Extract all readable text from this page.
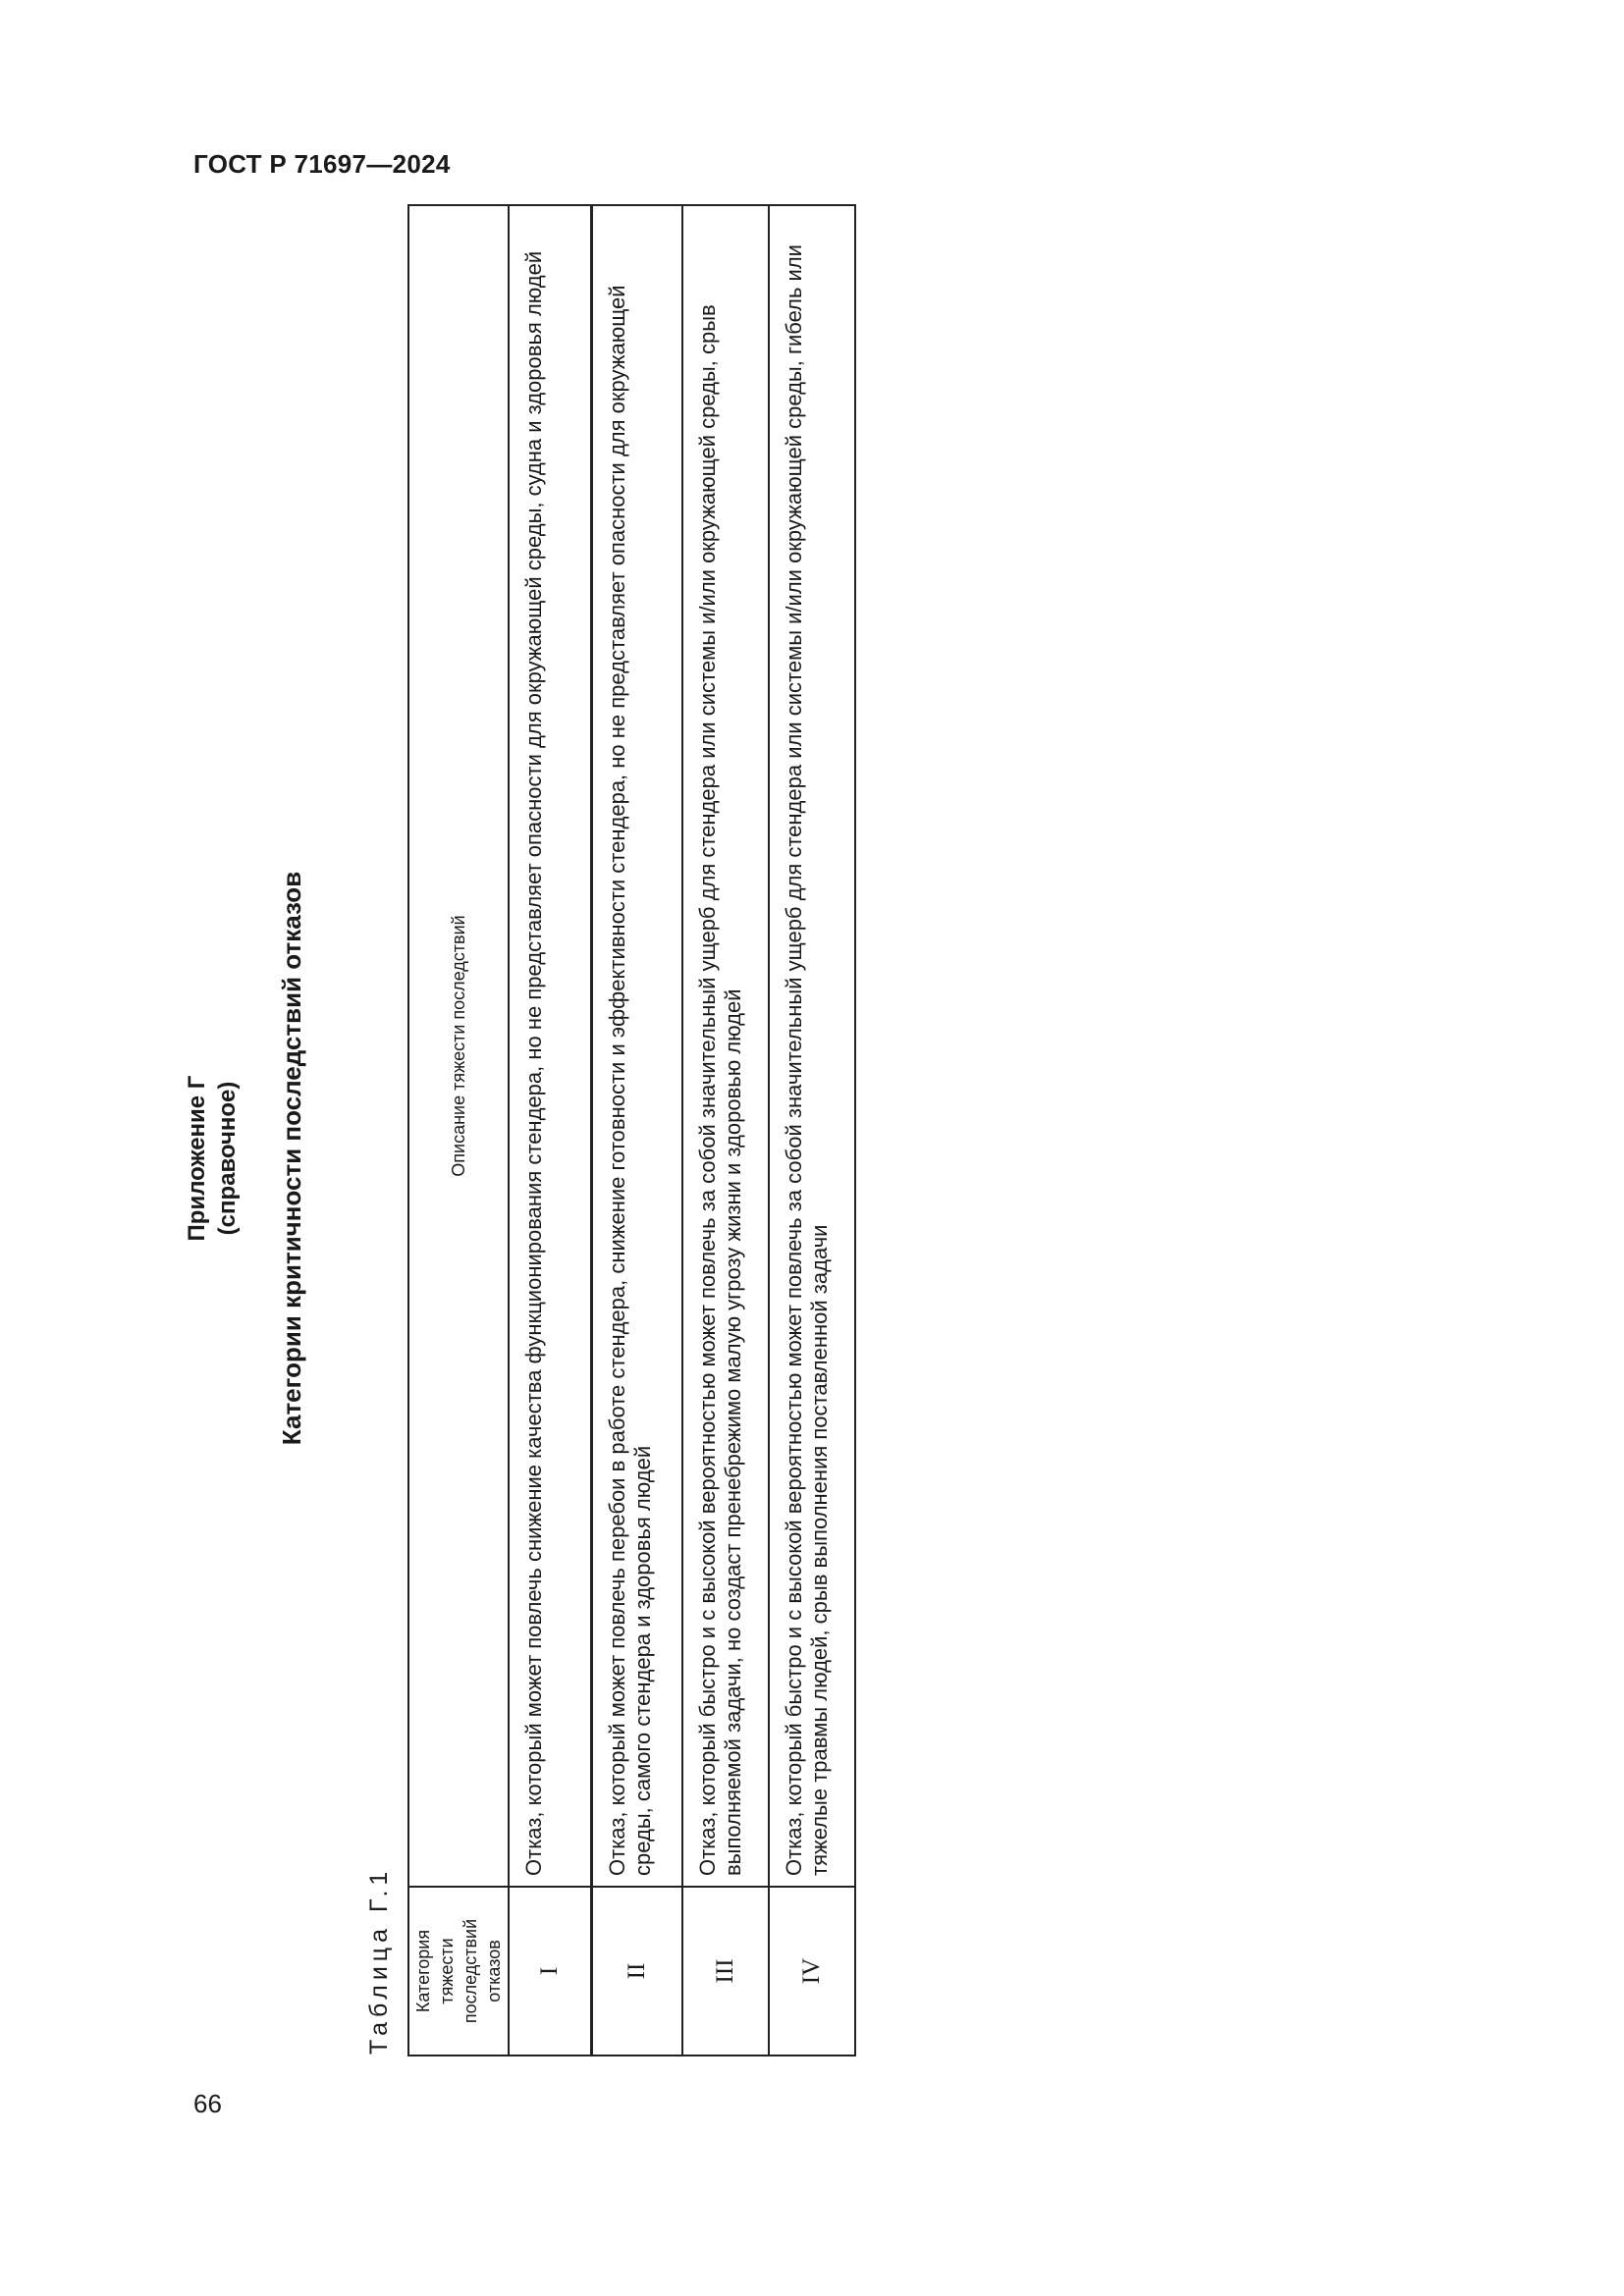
ГОСТ Р 71697—2024
Приложение Г (справочное) Категории критичности последствий отказов
Таблица Г.1 Категория тяжести последствий отказов	Описание тяжести последствий
I	Отказ, который может повлечь снижение качества функционирования стендера, но не представляет опасности для окружающей среды, судна и здоровья людей
II	Отказ, который может повлечь перебои в работе стендера, снижение готовности и эффективности стендера, но не представляет опасности для окружающей среды, самого стендера и здоровья людей
III	Отказ, который быстро и с высокой вероятностью может повлечь за собой значительный ущерб для стендера или системы и/или окружающей среды, срыв выполняемой задачи, но создаст пренебрежимо малую угрозу жизни и здоровью людей
IV	Отказ, который быстро и с высокой вероятностью может повлечь за собой значительный ущерб для стендера или системы и/или окружающей среды, гибель или тяжелые травмы людей, срыв выполнения поставленной задачи
66
